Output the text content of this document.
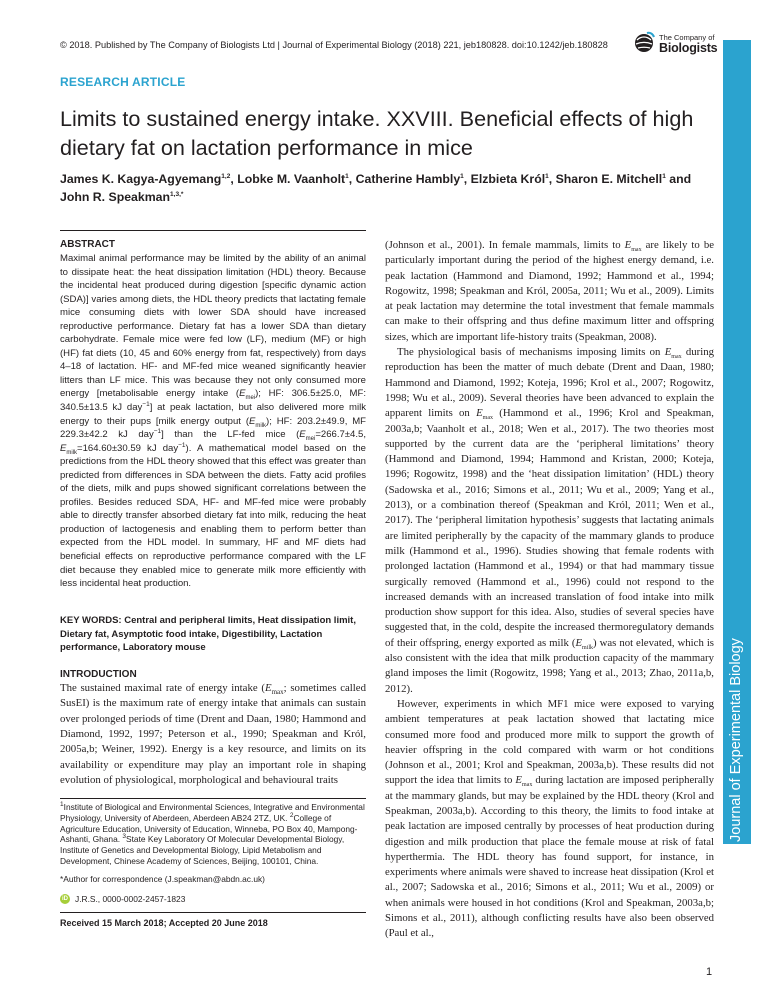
© 2018. Published by The Company of Biologists Ltd | Journal of Experimental Biology (2018) 221, jeb180828. doi:10.1242/jeb.180828
The Company of
Biologists
Journal of Experimental Biology
RESEARCH ARTICLE
Limits to sustained energy intake. XXVIII. Beneficial effects of high dietary fat on lactation performance in mice
James K. Kagya-Agyemang$^{1,2}$, Lobke M. Vaanholt$^1$, Catherine Hambly$^1$, Elzbieta Król$^1$, Sharon E. Mitchell$^1$ and John R. Speakman$^{1,3,*}$
ABSTRACT
Maximal animal performance may be limited by the ability of an animal to dissipate heat: the heat dissipation limitation (HDL) theory. Because the incidental heat produced during digestion [specific dynamic action (SDA)] varies among diets, the HDL theory predicts that lactating female mice consuming diets with lower SDA should have increased reproductive performance. Dietary fat has a lower SDA than dietary carbohydrate. Female mice were fed low (LF), medium (MF) or high (HF) fat diets (10, 45 and 60% energy from fat, respectively) from days 4–18 of lactation. HF- and MF-fed mice weaned significantly heavier litters than LF mice. This was because they not only consumed more energy [metabolisable energy intake $(E_{mei})$; HF: 306.5±25.0, MF: 340.5±13.5 kJ day$^{-1}$] at peak lactation, but also delivered more milk energy to their pups [milk energy output $(E_{milk})$; HF: 203.2±49.9, MF 229.3±42.2 kJ day$^{-1}$] than the LF-fed mice ($E_{mei}=266.7\pm 4.5$, $E_{milk}=164.60\pm 30.59$ kJ day$^{-1}$). A mathematical model based on the predictions from the HDL theory showed that this effect was greater than predicted from differences in SDA between the diets. Fatty acid profiles of the diets, milk and pups showed significant correlations between the profiles. Besides reduced SDA, HF- and MF-fed mice were probably able to directly transfer absorbed dietary fat into milk, reducing the heat production of lactogenesis and enabling them to perform better than expected from the HDL model. In summary, HF and MF diets had beneficial effects on reproductive performance compared with the LF diet because they enabled mice to generate milk more efficiently with less incidental heat production.
KEY WORDS: Central and peripheral limits, Heat dissipation limit, Dietary fat, Asymptotic food intake, Digestibility, Lactation performance, Laboratory mouse
INTRODUCTION
The sustained maximal rate of energy intake ($E_{max}$; sometimes called SusEI) is the maximum rate of energy intake that animals can sustain over prolonged periods of time (Drent and Daan, 1980; Hammond and Diamond, 1992, 1997; Peterson et al., 1990; Speakman and Król, 2005a,b; Weiner, 1992). Energy is a key resource, and limits on its availability or expenditure may play an important role in shaping evolution of physiological, morphological and behavioural traits
$^1$Institute of Biological and Environmental Sciences, Integrative and Environmental Physiology, University of Aberdeen, Aberdeen AB24 2TZ, UK. $^2$College of Agriculture Education, University of Education, Winneba, PO Box 40, Mampong-Ashanti, Ghana. $^3$State Key Laboratory Of Molecular Developmental Biology, Institute of Genetics and Developmental Biology, Lipid Metabolism and Development, Chinese Academy of Sciences, Beijing, 100101, China.
*Author for correspondence (J.speakman@abdn.ac.uk)
iD J.R.S., 0000-0002-2457-1823
Received 15 March 2018; Accepted 20 June 2018

(Johnson et al., 2001). In female mammals, limits to $E_{max}$ are likely to be particularly important during the period of the highest energy demand, i.e. peak lactation (Hammond and Diamond, 1992; Hammond et al., 1994; Rogowitz, 1998; Speakman and Król, 2005a, 2011; Wu et al., 2009). Limits at peak lactation may determine the total investment that female mammals can make to their offspring and thus define maximum litter and offspring sizes, which are important life-history traits (Speakman, 2008).

The physiological basis of mechanisms imposing limits on $E_{max}$ during reproduction has been the matter of much debate (Drent and Daan, 1980; Hammond and Diamond, 1992; Koteja, 1996; Krol et al., 2007; Rogowitz, 1998; Wu et al., 2009). Several theories have been advanced to explain the apparent limits on $E_{max}$ (Hammond et al., 1996; Krol and Speakman, 2003a,b; Vaanholt et al., 2018; Wen et al., 2017). The two theories most supported by the current data are the ‘peripheral limitations’ theory (Hammond and Diamond, 1994; Hammond and Kristan, 2000; Koteja, 1996; Rogowitz, 1998) and the ‘heat dissipation limitation’ (HDL) theory (Sadowska et al., 2016; Simons et al., 2011; Wu et al., 2009; Yang et al., 2013), or a combination thereof (Speakman and Król, 2011; Wen et al., 2017). The ‘peripheral limitation hypothesis’ suggests that lactating animals are limited peripherally by the capacity of the mammary glands to produce milk (Hammond et al., 1996). Studies showing that female rodents with prolonged lactation (Hammond et al., 1994) or that had mammary tissue surgically removed (Hammond et al., 1996) could not respond to the increased demands with an increased translation of food intake into milk production show support for this idea. Also, studies of several species have suggested that, in the cold, despite the increased thermoregulatory demands of their offspring, energy exported as milk $(E_{milk})$ was not elevated, which is also consistent with the idea that milk production capacity of the mammary gland imposes the limit (Rogowitz, 1998; Yang et al., 2013; Zhao, 2011a,b, 2012).

However, experiments in which MF1 mice were exposed to varying ambient temperatures at peak lactation showed that lactating mice consumed more food and produced more milk to support the growth of heavier offspring in the cold compared with warm or hot conditions (Johnson et al., 2001; Krol and Speakman, 2003a,b). These results did not support the idea that limits to $E_{max}$ during lactation are imposed peripherally at the mammary glands, but may be explained by the HDL theory (Krol and Speakman, 2003a,b). According to this theory, the limits to food intake at peak lactation are imposed centrally by processes of heat production during digestion and milk production that place the female mouse at risk of fatal hyperthermia. The HDL theory has found support, for instance, in experiments where animals were shaved to increase heat dissipation (Krol et al., 2007; Sadowska et al., 2016; Simons et al., 2011; Wu et al., 2009) or when animals were housed in hot conditions (Krol and Speakman, 2003a,b; Simons et al., 2011), although conflicting results have also been observed (Paul et al.,

1
